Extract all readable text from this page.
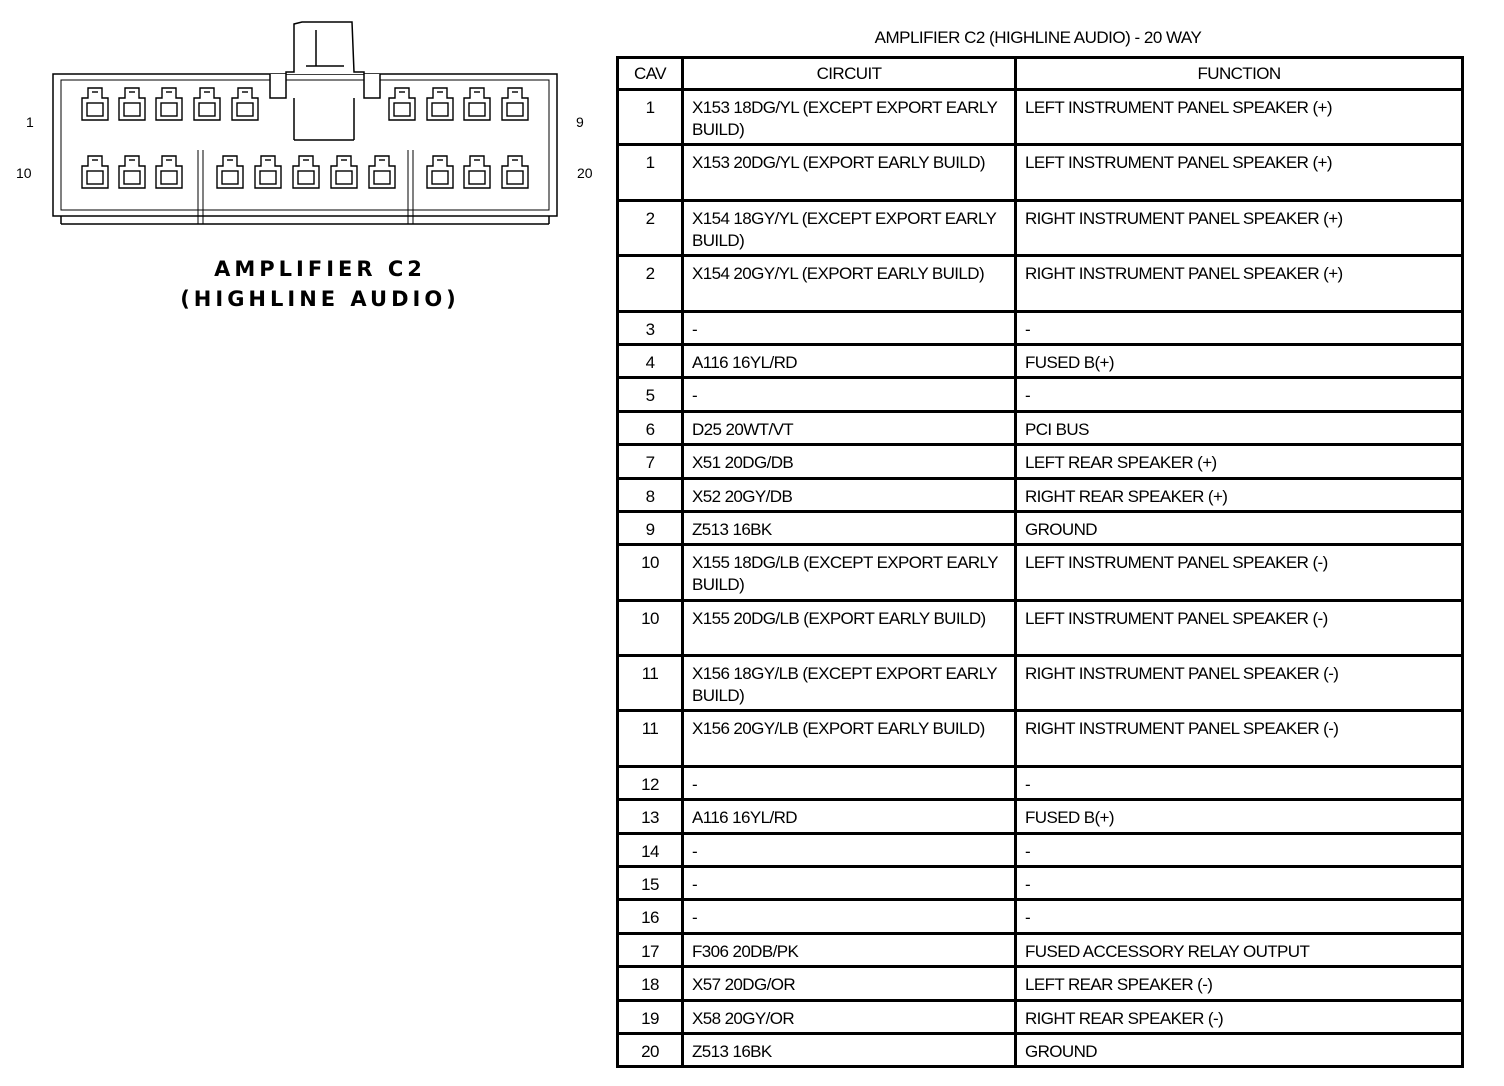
1	9
10	20
AMPLIFIER C2
(HIGHLINE AUDIO)
AMPLIFIER C2 (HIGHLINE AUDIO) - 20 WAY
CAV	CIRCUIT	FUNCTION
1	X153 18DG/YL (EXCEPT EXPORT EARLY BUILD)	LEFT INSTRUMENT PANEL SPEAKER (+)
1	X153 20DG/YL (EXPORT EARLY BUILD)	LEFT INSTRUMENT PANEL SPEAKER (+)
2	X154 18GY/YL (EXCEPT EXPORT EARLY BUILD)	RIGHT INSTRUMENT PANEL SPEAKER (+)
2	X154 20GY/YL (EXPORT EARLY BUILD)	RIGHT INSTRUMENT PANEL SPEAKER (+)
3	-	-
4	A116 16YL/RD	FUSED B(+)
5	-	-
6	D25 20WT/VT	PCI BUS
7	X51 20DG/DB	LEFT REAR SPEAKER (+)
8	X52 20GY/DB	RIGHT REAR SPEAKER (+)
9	Z513 16BK	GROUND
10	X155 18DG/LB (EXCEPT EXPORT EARLY BUILD)	LEFT INSTRUMENT PANEL SPEAKER (-)
10	X155 20DG/LB (EXPORT EARLY BUILD)	LEFT INSTRUMENT PANEL SPEAKER (-)
11	X156 18GY/LB (EXCEPT EXPORT EARLY BUILD)	RIGHT INSTRUMENT PANEL SPEAKER (-)
11	X156 20GY/LB (EXPORT EARLY BUILD)	RIGHT INSTRUMENT PANEL SPEAKER (-)
12	-	-
13	A116 16YL/RD	FUSED B(+)
14	-	-
15	-	-
16	-	-
17	F306 20DB/PK	FUSED ACCESSORY RELAY OUTPUT
18	X57 20DG/OR	LEFT REAR SPEAKER (-)
19	X58 20GY/OR	RIGHT REAR SPEAKER (-)
20	Z513 16BK	GROUND
